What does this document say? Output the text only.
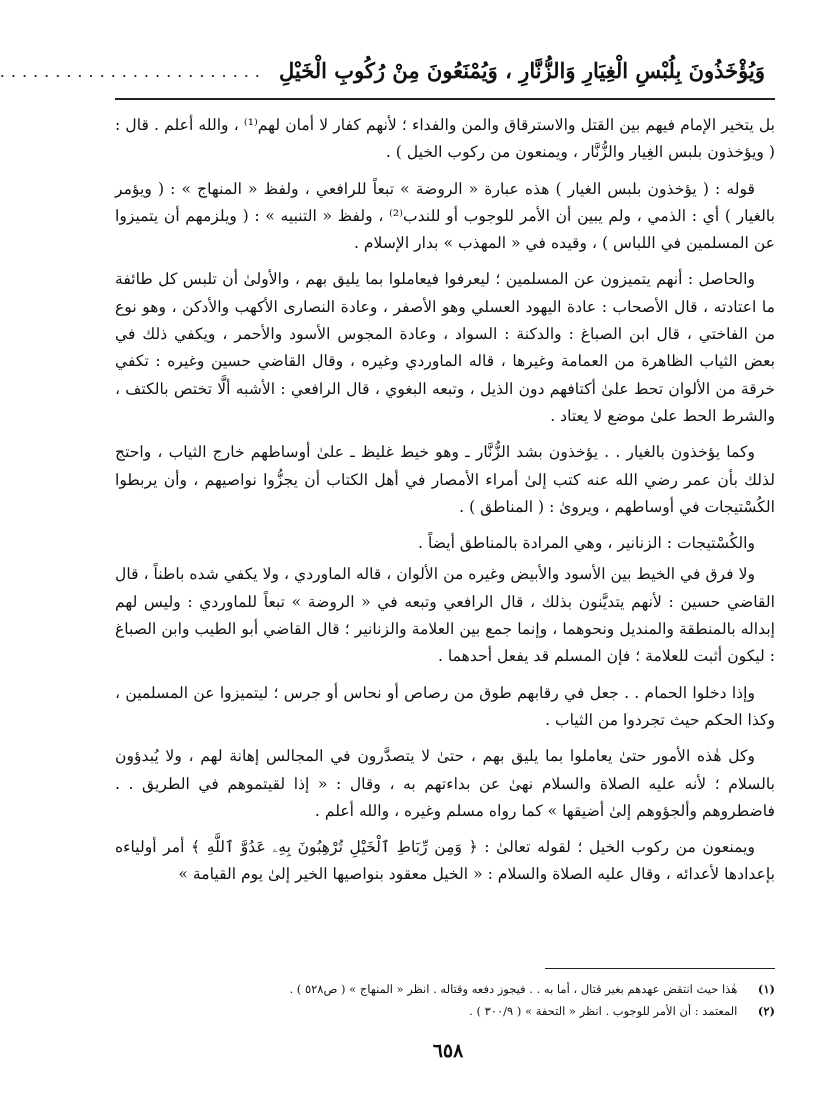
وَيُؤْخَذُونَ بِلُبْسِ الْغِيَارِ وَالزُّنَّارِ ، وَيُمْنَعُونَ مِنْ رُكُوبِ الْخَيْلِ ........................

بل يتخير الإمام فيهم بين القتل والاسترقاق والمن والفداء ؛ لأنهم كفار لا أمان لهم⁽¹⁾ ، والله أعلم . قال : ( ويؤخذون بلبس الغِيار والزُّنَّار ، ويمنعون من ركوب الخيل ) .

قوله : ( يؤخذون بلبس الغيار ) هذه عبارة « الروضة » تبعاً للرافعي ، ولفظ « المنهاج » : ( ويؤمر بالغيار ) أي : الذمي ، ولم يبين أن الأمر للوجوب أو للندب⁽²⁾ ، ولفظ « التنبيه » : ( ويلزمهم أن يتميزوا عن المسلمين في اللباس ) ، وقيده في « المهذب » بدار الإسلام .

والحاصل : أنهم يتميزون عن المسلمين ؛ ليعرفوا فيعاملوا بما يليق بهم ، والأولىٰ أن تلبس كل طائفة ما اعتادته ، قال الأصحاب : عادة اليهود العسلي وهو الأصفر ، وعادة النصارى الأكهب والأدكن ، وهو نوع من الفاختي ، قال ابن الصباغ : والدكنة : السواد ، وعادة المجوس الأسود والأحمر ، ويكفي ذلك في بعض الثياب الظاهرة من العمامة وغيرها ، قاله الماوردي وغيره ، وقال القاضي حسين وغيره : تكفي خرقة من الألوان تحط علىٰ أكتافهم دون الذيل ، وتبعه البغوي ، قال الرافعي : الأشبه ألَّا تختص بالكتف ، والشرط الحط علىٰ موضع لا يعتاد .

وكما يؤخذون بالغيار . . يؤخذون بشد الزُّنَّار ـ وهو خيط غليظ ـ علىٰ أوساطهم خارج الثياب ، واحتج لذلك بأن عمر رضي الله عنه كتب إلىٰ أمراء الأمصار في أهل الكتاب أن يجزُّوا نواصيهم ، وأن يربطوا الكُسْتيجات في أوساطهم ، ويروىٰ : ( المناطق ) .

والكُسْتيجات : الزنانير ، وهي المرادة بالمناطق أيضاً .

ولا فرق في الخيط بين الأسود والأبيض وغيره من الألوان ، قاله الماوردي ، ولا يكفي شده باطناً ، قال القاضي حسين : لأنهم يتديَّنون بذلك ، قال الرافعي وتبعه في « الروضة » تبعاً للماوردي : وليس لهم إبداله بالمنطقة والمنديل ونحوهما ، وإنما جمع بين العلامة والزنانير ؛ قال القاضي أبو الطيب وابن الصباغ : ليكون أثبت للعلامة ؛ فإن المسلم قد يفعل أحدهما .

وإذا دخلوا الحمام . . جعل في رقابهم طوق من رصاص أو نحاس أو جرس ؛ ليتميزوا عن المسلمين ، وكذا الحكم حيث تجردوا من الثياب .

وكل هٰذه الأمور حتىٰ يعاملوا بما يليق بهم ، حتىٰ لا يتصدَّرون في المجالس إهانة لهم ، ولا يُبدؤون بالسلام ؛ لأنه عليه الصلاة والسلام نهىٰ عن بداءتهم به ، وقال : « إذا لقيتموهم في الطريق . . فاضطروهم وألجؤوهم إلىٰ أضيقها » كما رواه مسلم وغيره ، والله أعلم .

ويمنعون من ركوب الخيل ؛ لقوله تعالىٰ : ﴿ وَمِن رِّبَاطِ ٱلْخَيْلِ تُرْهِبُونَ بِهِۦ عَدُوَّ ٱللَّهِ ﴾ أمر أولياءه بإعدادها لأعدائه ، وقال عليه الصلاة والسلام : « الخيل معقود بنواصيها الخير إلىٰ يوم القيامة »

(١) هٰذا حيث انتقض عهدهم بغير قتال ، أما به . . فيجوز دفعه وقتاله . انظر « المنهاج » ( ص٥٢٨ ) .
(٢) المعتمد : أن الأمر للوجوب . انظر « التحفة » ( ٣٠٠/٩ ) .
٦٥٨
